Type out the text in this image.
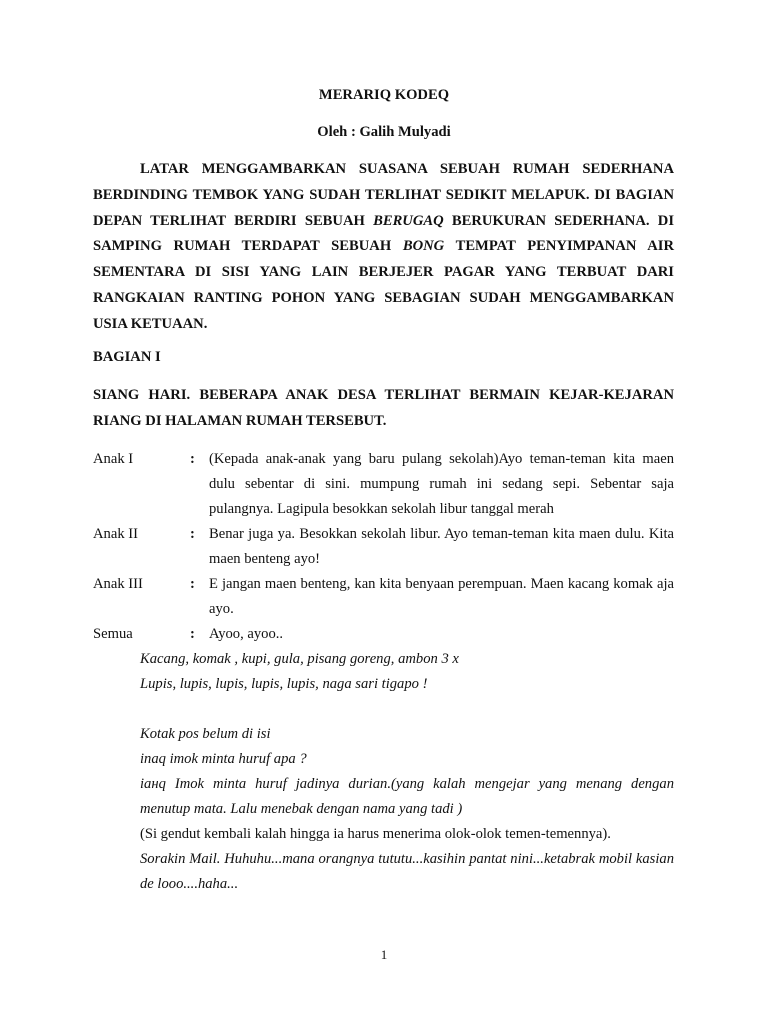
MERARIQ KODEQ

Oleh : Galih Mulyadi

LATAR MENGGAMBARKAN SUASANA SEBUAH RUMAH SEDERHANA BERDINDING TEMBOK YANG SUDAH TERLIHAT SEDIKIT MELAPUK. DI BAGIAN DEPAN TERLIHAT BERDIRI SEBUAH BERUGAQ BERUKURAN SEDERHANA. DI SAMPING RUMAH TERDAPAT SEBUAH BONG TEMPAT PENYIMPANAN AIR SEMENTARA DI SISI YANG LAIN BERJEJER PAGAR YANG TERBUAT DARI RANGKAIAN RANTING POHON YANG SEBAGIAN SUDAH MENGGAMBARKAN USIA KETUAAN.

BAGIAN I

SIANG HARI. BEBERAPA ANAK DESA TERLIHAT BERMAIN KEJAR-KEJARAN RIANG DI HALAMAN RUMAH TERSEBUT.

Anak I	: (Kepada anak-anak yang baru pulang sekolah)Ayo teman-teman kita maen dulu sebentar di sini. mumpung rumah ini sedang sepi. Sebentar saja pulangnya. Lagipula besokkan sekolah libur tanggal merah
Anak II	: Benar juga ya. Besokkan sekolah libur. Ayo teman-teman kita maen dulu. Kita maen benteng ayo!
Anak III	: E jangan maen benteng, kan kita benyaan perempuan. Maen kacang komak aja ayo.
Semua	: Ayoo, ayoo..

Kacang, komak , kupi, gula, pisang goreng, ambon 3 x

Lupis, lupis, lupis, lupis, lupis, naga sari tigapo !

Kotak pos belum di isi

inaq imok minta huruf apa ?

iaнq Imok minta huruf jadinya durian.(yang kalah mengejar yang menang dengan menutup mata. Lalu menebak dengan nama yang tadi )

(Si gendut kembali kalah hingga ia harus menerima olok-olok temen-temennya).

Sorakin Mail. Huhuhu...mana orangnya tututu...kasihin pantat nini...ketabrak mobil kasian de looo....haha...

1
